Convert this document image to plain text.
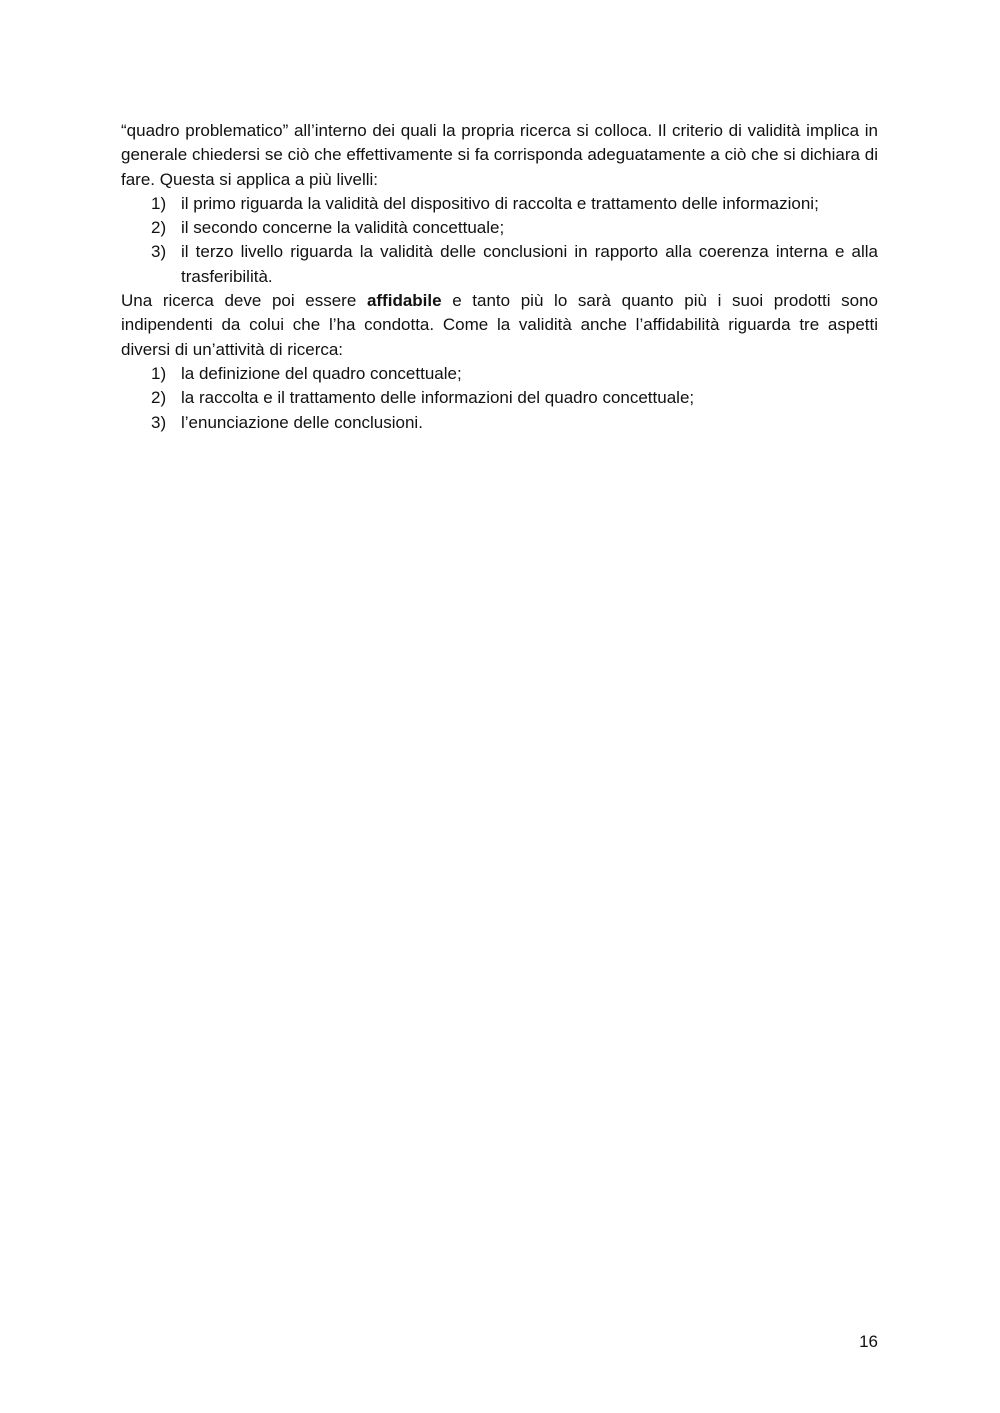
“quadro problematico” all’interno dei quali la propria ricerca si colloca. Il criterio di validità implica in generale chiedersi se ciò che effettivamente si fa corrisponda adeguatamente a ciò che si dichiara di fare. Questa si applica a più livelli:

1) il primo riguarda la validità del dispositivo di raccolta e trattamento delle informazioni;
2) il secondo concerne la validità concettuale;
3) il terzo livello riguarda la validità delle conclusioni in rapporto alla coerenza interna e alla trasferibilità.

Una ricerca deve poi essere affidabile e tanto più lo sarà quanto più i suoi prodotti sono indipendenti da colui che l’ha condotta. Come la validità anche l’affidabilità riguarda tre aspetti diversi di un’attività di ricerca:

1) la definizione del quadro concettuale;
2) la raccolta e il trattamento delle informazioni del quadro concettuale;
3) l’enunciazione delle conclusioni.
16
